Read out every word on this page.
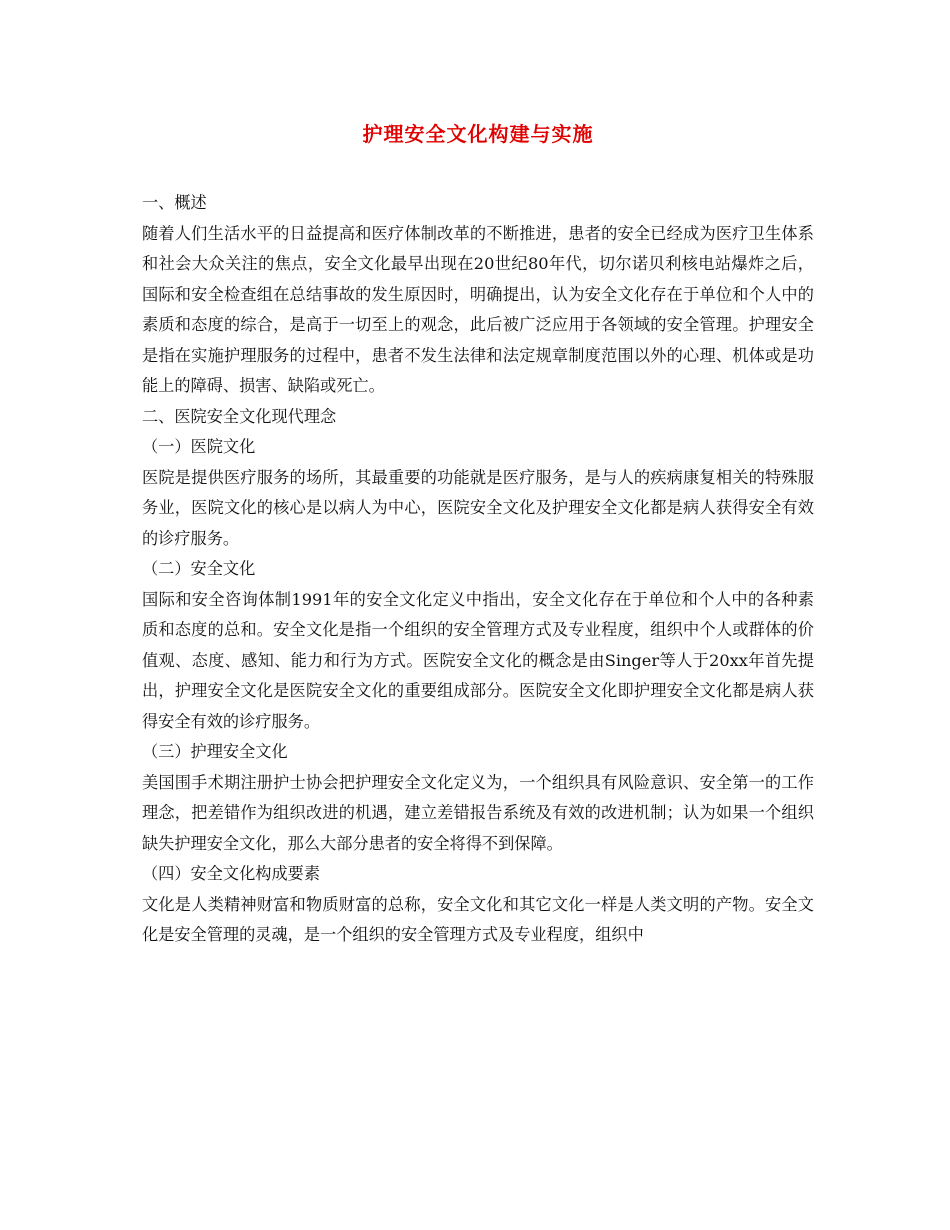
护理安全文化构建与实施

一、概述

随着人们生活水平的日益提高和医疗体制改革的不断推进，患者的安全已经成为医疗卫生体系和社会大众关注的焦点，安全文化最早出现在20世纪80年代，切尔诺贝利核电站爆炸之后，国际和安全检查组在总结事故的发生原因时，明确提出，认为安全文化存在于单位和个人中的素质和态度的综合，是高于一切至上的观念，此后被广泛应用于各领域的安全管理。护理安全是指在实施护理服务的过程中，患者不发生法律和法定规章制度范围以外的心理、机体或是功能上的障碍、损害、缺陷或死亡。

二、医院安全文化现代理念

（一）医院文化

医院是提供医疗服务的场所，其最重要的功能就是医疗服务，是与人的疾病康复相关的特殊服务业，医院文化的核心是以病人为中心，医院安全文化及护理安全文化都是病人获得安全有效的诊疗服务。

（二）安全文化

国际和安全咨询体制1991年的安全文化定义中指出，安全文化存在于单位和个人中的各种素质和态度的总和。安全文化是指一个组织的安全管理方式及专业程度，组织中个人或群体的价值观、态度、感知、能力和行为方式。医院安全文化的概念是由Singer等人于20xx年首先提出，护理安全文化是医院安全文化的重要组成部分。医院安全文化即护理安全文化都是病人获得安全有效的诊疗服务。

（三）护理安全文化

美国围手术期注册护士协会把护理安全文化定义为，一个组织具有风险意识、安全第一的工作理念，把差错作为组织改进的机遇，建立差错报告系统及有效的改进机制；认为如果一个组织缺失护理安全文化，那么大部分患者的安全将得不到保障。

（四）安全文化构成要素

文化是人类精神财富和物质财富的总称，安全文化和其它文化一样是人类文明的产物。安全文化是安全管理的灵魂，是一个组织的安全管理方式及专业程度，组织中
